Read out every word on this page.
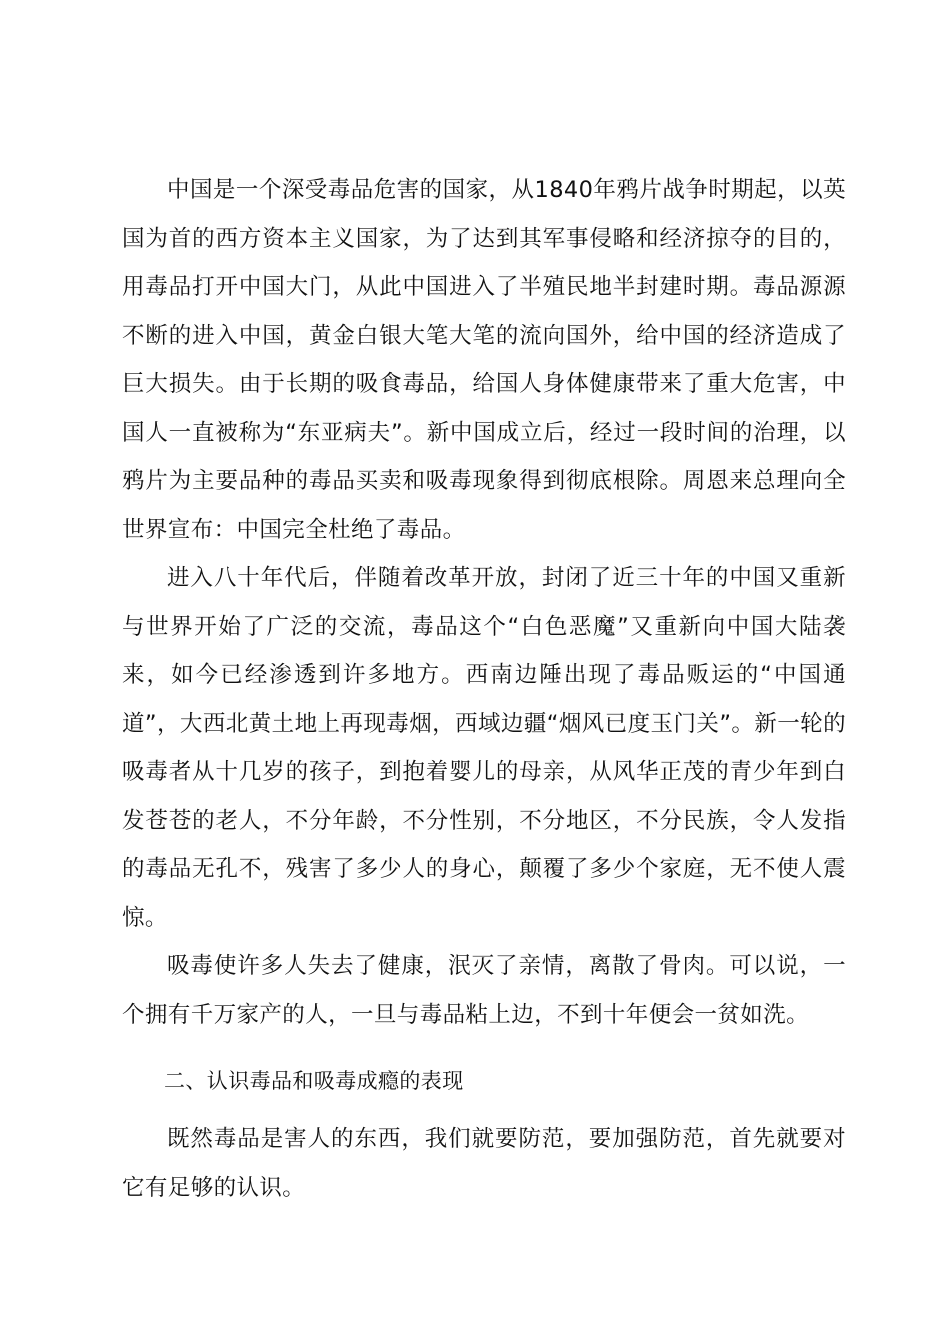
中国是一个深受毒品危害的国家，从1840年鸦片战争时期起，以英国为首的西方资本主义国家，为了达到其军事侵略和经济掠夺的目的，用毒品打开中国大门，从此中国进入了半殖民地半封建时期。毒品源源不断的进入中国，黄金白银大笔大笔的流向国外，给中国的经济造成了巨大损失。由于长期的吸食毒品，给国人身体健康带来了重大危害，中国人一直被称为“东亚病夫”。新中国成立后，经过一段时间的治理，以鸦片为主要品种的毒品买卖和吸毒现象得到彻底根除。周恩来总理向全世界宣布：中国完全杜绝了毒品。

进入八十年代后，伴随着改革开放，封闭了近三十年的中国又重新与世界开始了广泛的交流，毒品这个“白色恶魔”又重新向中国大陆袭来，如今已经渗透到许多地方。西南边陲出现了毒品贩运的“中国通道”，大西北黄土地上再现毒烟，西域边疆“烟风已度玉门关”。新一轮的吸毒者从十几岁的孩子，到抱着婴儿的母亲，从风华正茂的青少年到白发苍苍的老人，不分年龄，不分性别，不分地区，不分民族，令人发指的毒品无孔不，残害了多少人的身心，颠覆了多少个家庭，无不使人震惊。

吸毒使许多人失去了健康，泯灭了亲情，离散了骨肉。可以说，一个拥有千万家产的人，一旦与毒品粘上边，不到十年便会一贫如洗。

二、认识毒品和吸毒成瘾的表现

既然毒品是害人的东西，我们就要防范，要加强防范，首先就要对它有足够的认识。
